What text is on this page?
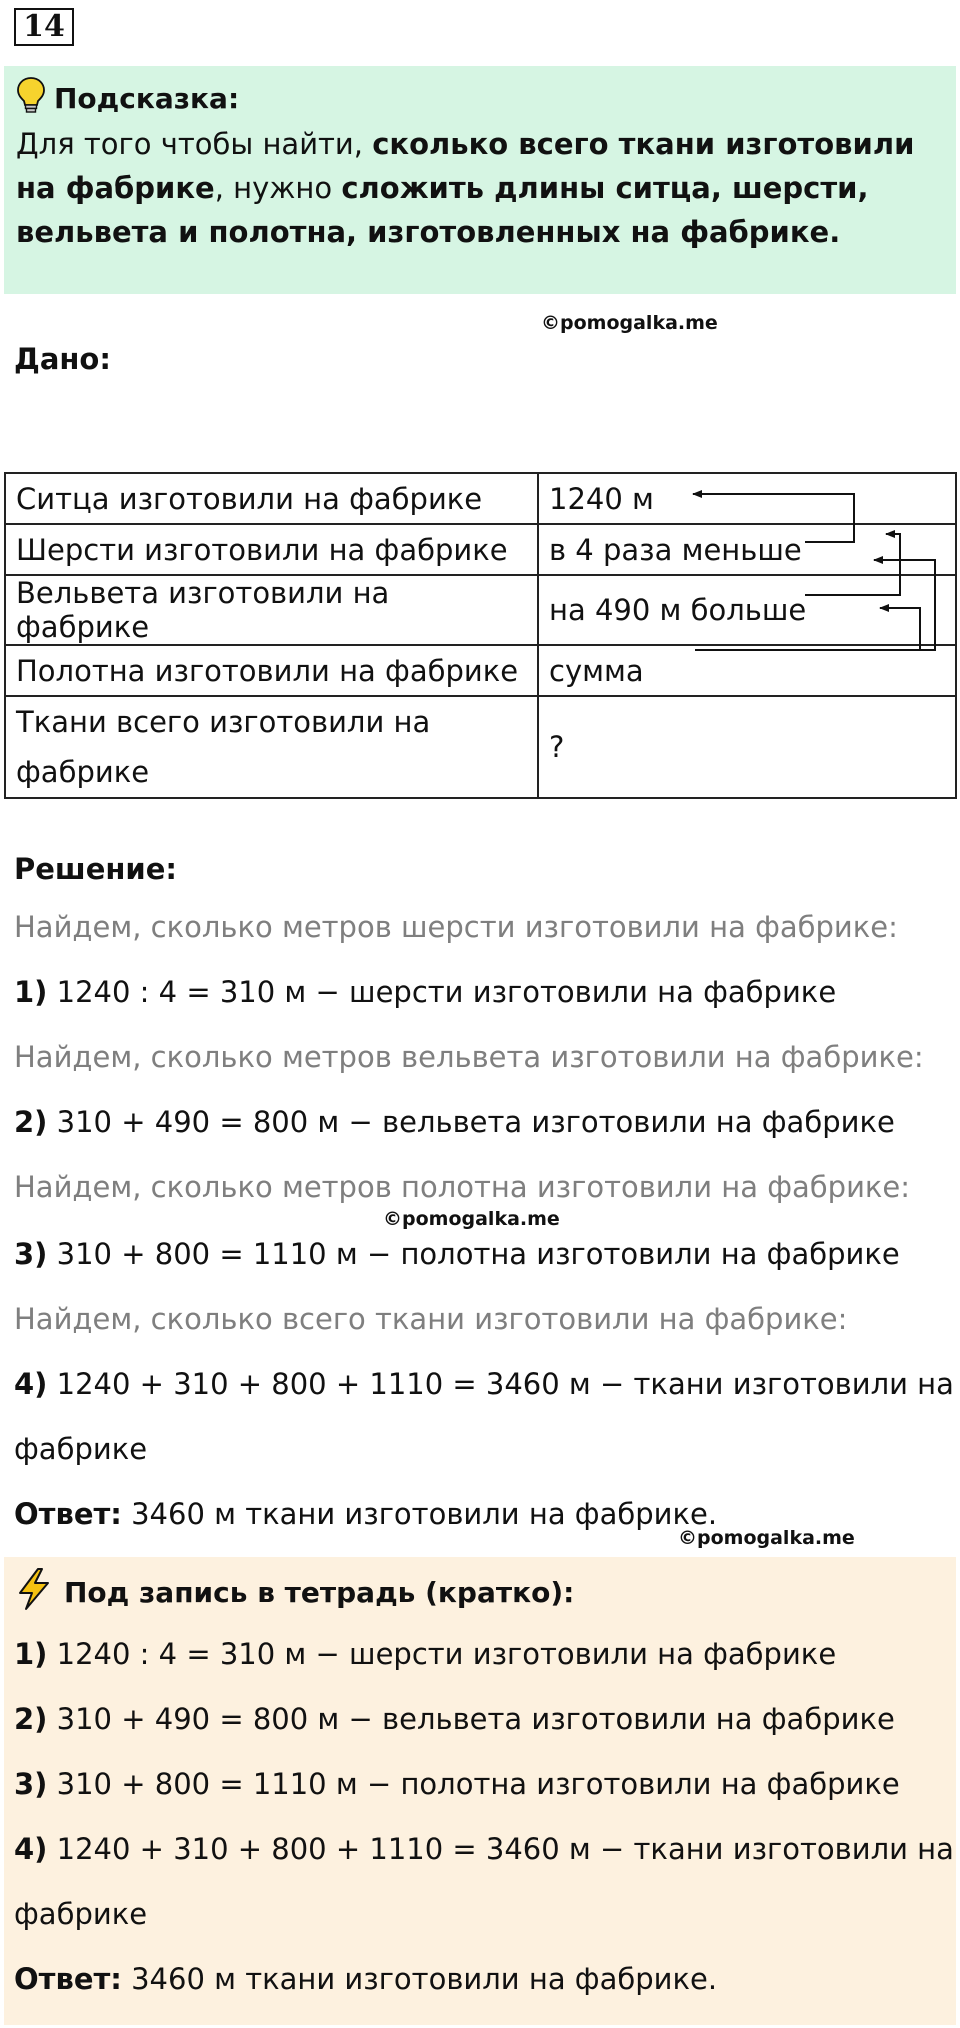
14
Подсказка:
Для того чтобы найти, сколько всего ткани изготовили на фабрике, нужно сложить длины ситца, шерсти, вельвета и полотна, изготовленных на фабрике.
©pomogalka.me
Дано:
Ситца изготовили на фабрике	1240 м
Шерсти изготовили на фабрике	в 4 раза меньше
Вельвета изготовили на фабрике	на 490 м больше
Полотна изготовили на фабрике	сумма
Ткани всего изготовили на фабрике	?
Решение:
Найдем, сколько метров шерсти изготовили на фабрике:
1) 1240 : 4 = 310 м − шерсти изготовили на фабрике
Найдем, сколько метров вельвета изготовили на фабрике:
2) 310 + 490 = 800 м − вельвета изготовили на фабрике
Найдем, сколько метров полотна изготовили на фабрике:
©pomogalka.me
3) 310 + 800 = 1110 м − полотна изготовили на фабрике
Найдем, сколько всего ткани изготовили на фабрике:
4) 1240 + 310 + 800 + 1110 = 3460 м − ткани изготовили на
фабрике
Ответ: 3460 м ткани изготовили на фабрике.
Под запись в тетрадь (кратко):
©pomogalka.me
1) 1240 : 4 = 310 м − шерсти изготовили на фабрике
2) 310 + 490 = 800 м − вельвета изготовили на фабрике
3) 310 + 800 = 1110 м − полотна изготовили на фабрике
4) 1240 + 310 + 800 + 1110 = 3460 м − ткани изготовили на
фабрике
Ответ: 3460 м ткани изготовили на фабрике.
